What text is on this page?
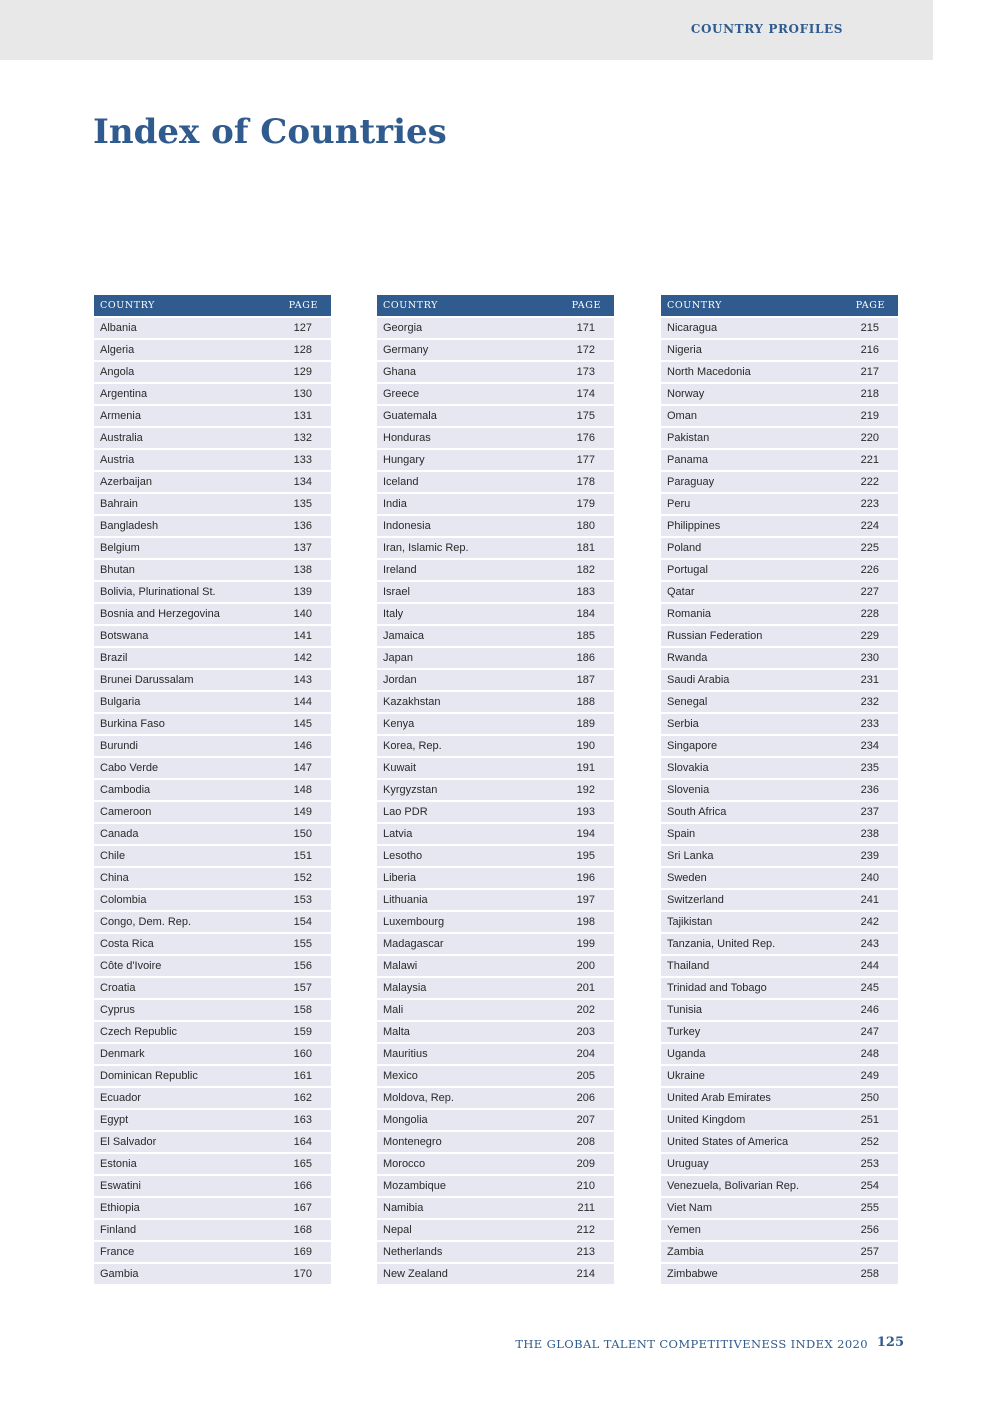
COUNTRY PROFILES
Index of Countries
COUNTRY	PAGE
Albania	127
Algeria	128
Angola	129
Argentina	130
Armenia	131
Australia	132
Austria	133
Azerbaijan	134
Bahrain	135
Bangladesh	136
Belgium	137
Bhutan	138
Bolivia, Plurinational St.	139
Bosnia and Herzegovina	140
Botswana	141
Brazil	142
Brunei Darussalam	143
Bulgaria	144
Burkina Faso	145
Burundi	146
Cabo Verde	147
Cambodia	148
Cameroon	149
Canada	150
Chile	151
China	152
Colombia	153
Congo, Dem. Rep.	154
Costa Rica	155
Côte d'Ivoire	156
Croatia	157
Cyprus	158
Czech Republic	159
Denmark	160
Dominican Republic	161
Ecuador	162
Egypt	163
El Salvador	164
Estonia	165
Eswatini	166
Ethiopia	167
Finland	168
France	169
Gambia	170
COUNTRY	PAGE
Georgia	171
Germany	172
Ghana	173
Greece	174
Guatemala	175
Honduras	176
Hungary	177
Iceland	178
India	179
Indonesia	180
Iran, Islamic Rep.	181
Ireland	182
Israel	183
Italy	184
Jamaica	185
Japan	186
Jordan	187
Kazakhstan	188
Kenya	189
Korea, Rep.	190
Kuwait	191
Kyrgyzstan	192
Lao PDR	193
Latvia	194
Lesotho	195
Liberia	196
Lithuania	197
Luxembourg	198
Madagascar	199
Malawi	200
Malaysia	201
Mali	202
Malta	203
Mauritius	204
Mexico	205
Moldova, Rep.	206
Mongolia	207
Montenegro	208
Morocco	209
Mozambique	210
Namibia	211
Nepal	212
Netherlands	213
New Zealand	214
COUNTRY	PAGE
Nicaragua	215
Nigeria	216
North Macedonia	217
Norway	218
Oman	219
Pakistan	220
Panama	221
Paraguay	222
Peru	223
Philippines	224
Poland	225
Portugal	226
Qatar	227
Romania	228
Russian Federation	229
Rwanda	230
Saudi Arabia	231
Senegal	232
Serbia	233
Singapore	234
Slovakia	235
Slovenia	236
South Africa	237
Spain	238
Sri Lanka	239
Sweden	240
Switzerland	241
Tajikistan	242
Tanzania, United Rep.	243
Thailand	244
Trinidad and Tobago	245
Tunisia	246
Turkey	247
Uganda	248
Ukraine	249
United Arab Emirates	250
United Kingdom	251
United States of America	252
Uruguay	253
Venezuela, Bolivarian Rep.	254
Viet Nam	255
Yemen	256
Zambia	257
Zimbabwe	258
THE GLOBAL TALENT COMPETITIVENESS INDEX 2020 125
